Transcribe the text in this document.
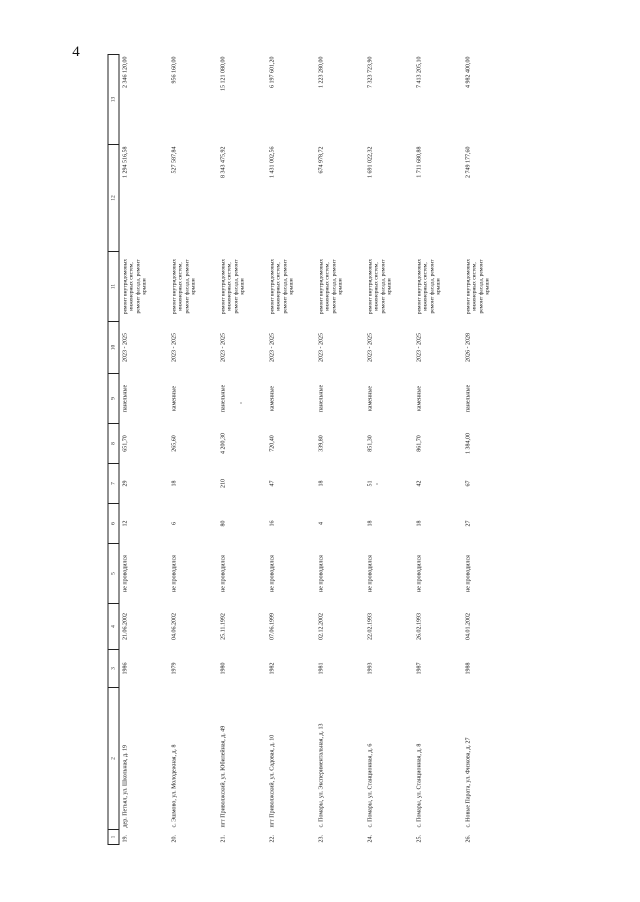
4
1	2	3	4	5	6	7	8	9	10	11	12	13
19.	дер. Петьял, ул. Школьная, д. 19	1986	21.06.2002	не проводился	12	29	651,70	панельные	2023 - 2025	ремонт внутридомовых инженерных систем, ремонт фасада, ремонт крыши	1 294 516,58	2 346 120,00
20.	с. Эшмово, ул. Молодежная, д. 8	1979	04.06.2002	не проводился	6	18	265,60	каменные	2023 - 2025	ремонт внутридомовых инженерных систем, ремонт фасада, ремонт крыши	527 587,84	956 160,00
21.	пгт Приволжский, ул. Юбилейная, д. 49	1980	25.11.1992	не проводился	80	210	4 200,30	панельные	2023 - 2025	ремонт внутридомовых инженерных систем, ремонт фасада, ремонт крыши	8 343 475,92	15 121 080,00
22.	пгт Приволжский, ул. Садовая, д. 10	1982	07.06.1999	не проводился	16	47	720,40	каменные	2023 - 2025	ремонт внутридомовых инженерных систем, ремонт фасада, ремонт крыши	1 431 002,56	6 197 601,20
23.	с. Помары, ул. Экспериментальная, д. 13	1981	02.12.2002	не проводился	4	18	339,80	панельные	2023 - 2025	ремонт внутридомовых инженерных систем, ремонт фасада, ремонт крыши	674 978,72	1 223 280,00
24.	с. Помары, ул. Станционная, д. 6	1993	22.02.1993	не проводился	18	51	851,30	каменные	2023 - 2025	ремонт внутридомовых инженерных систем, ремонт фасада, ремонт крыши	1 691 022,32	7 323 723,90
25.	с. Помары, ул. Станционная, д. 8	1987	26.02.1993	не проводился	18	42	861,70	каменные	2023 - 2025	ремонт внутридомовых инженерных систем, ремонт фасада, ремонт крыши	1 711 680,88	7 413 205,10
26.	с. Новые Парата, ул. Физкова, д. 27	1988	04.01.2002	не проводился	27	67	1 384,00	панельные	2026 - 2028	ремонт внутридомовых инженерных систем, ремонт фасада, ремонт крыши	2 749 177,60	4 982 400,00
